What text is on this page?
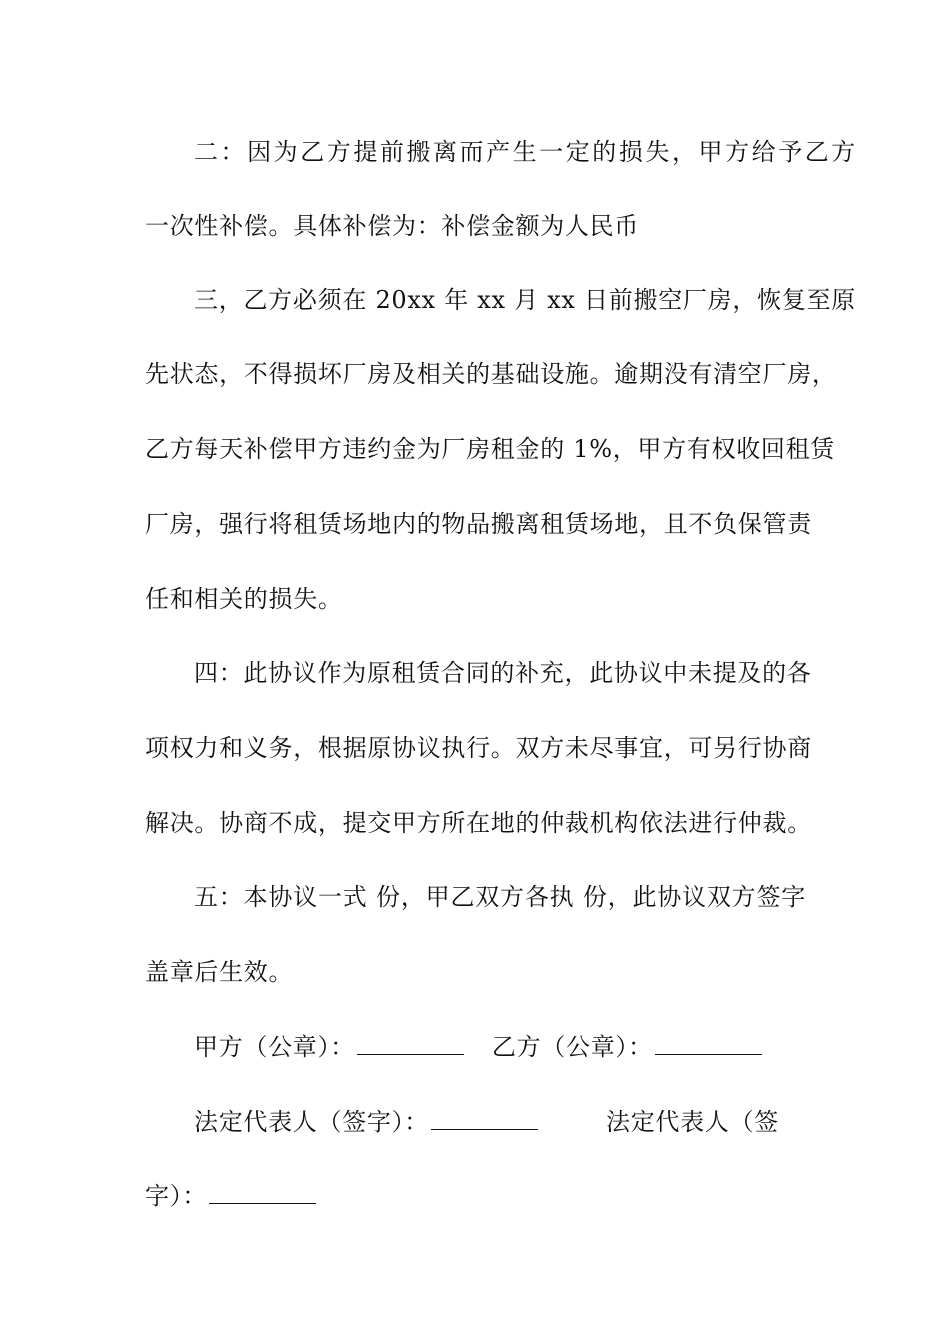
二：因为乙方提前搬离而产生一定的损失，甲方给予乙方
一次性补偿。具体补偿为：补偿金额为人民币
三，乙方必须在 20xx 年 xx 月 xx 日前搬空厂房，恢复至原
先状态，不得损坏厂房及相关的基础设施。逾期没有清空厂房，
乙方每天补偿甲方违约金为厂房租金的 1%，甲方有权收回租赁
厂房，强行将租赁场地内的物品搬离租赁场地，且不负保管责
任和相关的损失。
四：此协议作为原租赁合同的补充，此协议中未提及的各
项权力和义务，根据原协议执行。双方未尽事宜，可另行协商
解决。协商不成，提交甲方所在地的仲裁机构依法进行仲裁。
五：本协议一式 份，甲乙双方各执 份，此协议双方签字
盖章后生效。
甲方（公章）：	乙方（公章）：
法定代表人（签字）：	法定代表人（签
字）：
